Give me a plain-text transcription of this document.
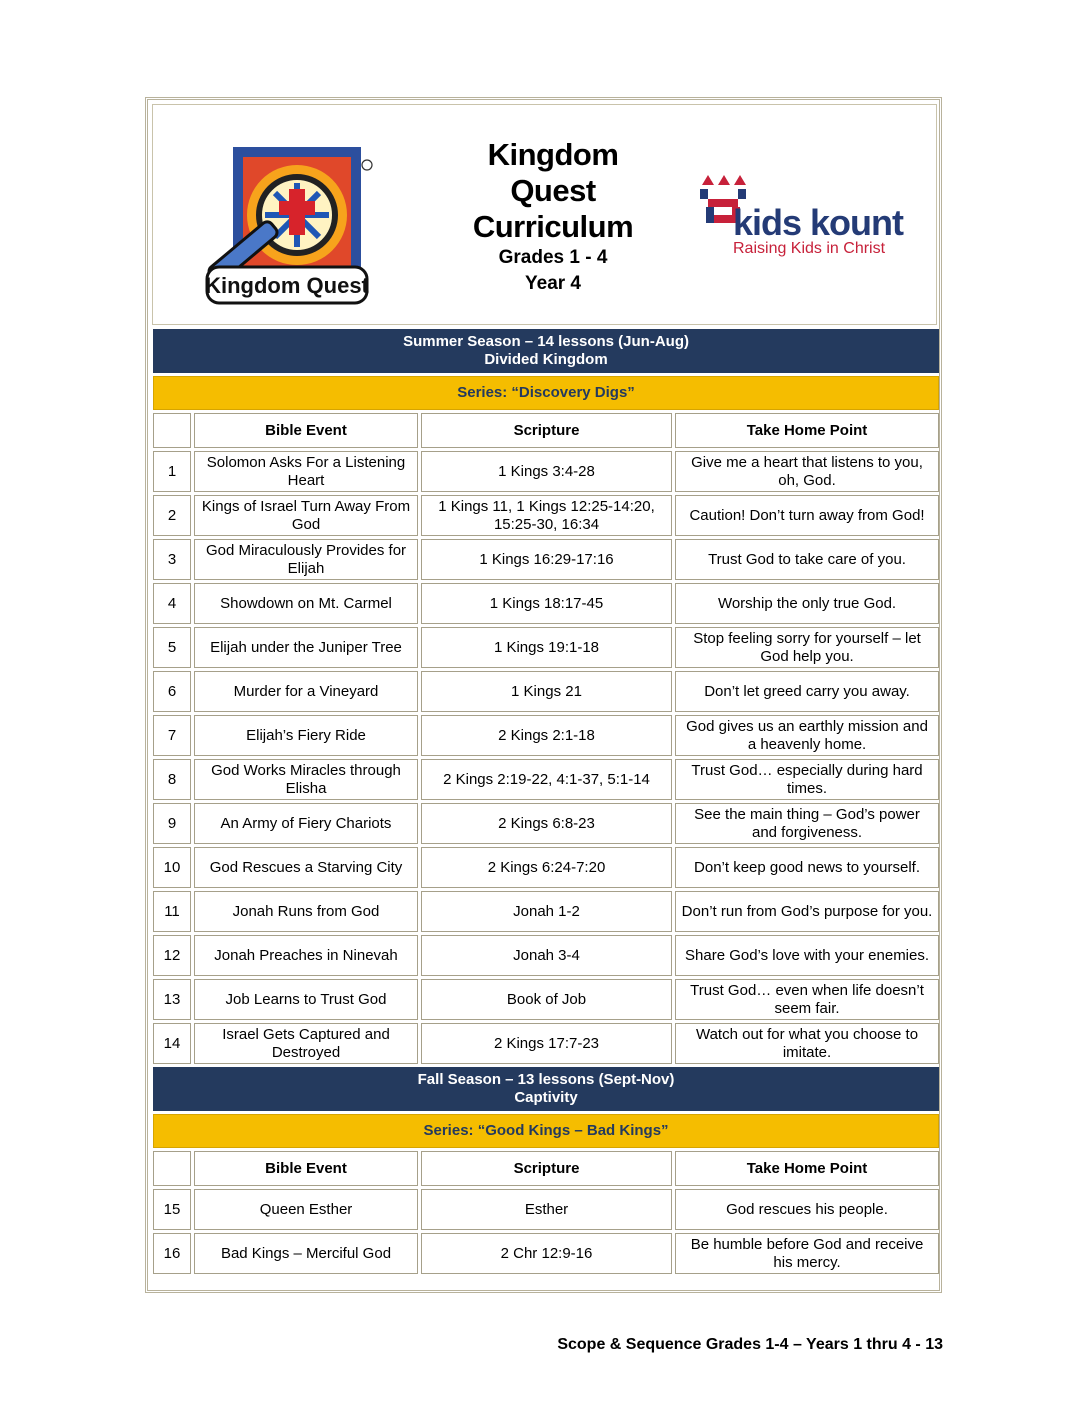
Kingdom Quest
Kingdom
Quest
Curriculum
Grades 1 - 4
Year 4
kids kount
Raising Kids in Christ
Summer Season – 14 lessons (Jun-Aug)
Divided Kingdom			

Series: “Discovery Digs”			
	Bible Event	Scripture	Take Home Point
1	Solomon Asks For a Listening Heart	1 Kings 3:4-28	Give me a heart that listens to you, oh, God.
2	Kings of Israel Turn Away From God	1 Kings 11, 1 Kings 12:25-14:20, 15:25-30, 16:34	Caution! Don’t turn away from God!
3	God Miraculously Provides for Elijah	1 Kings 16:29-17:16	Trust God to take care of you.
4	Showdown on Mt. Carmel	1 Kings 18:17-45	Worship the only true God.
5	Elijah under the Juniper Tree	1 Kings 19:1-18	Stop feeling sorry for yourself – let God help you.
6	Murder for a Vineyard	1 Kings 21	Don’t let greed carry you away.
7	Elijah’s Fiery Ride	2 Kings 2:1-18	God gives us an earthly mission and a heavenly home.
8	God Works Miracles through Elisha	2 Kings 2:19-22, 4:1-37, 5:1-14	Trust God… especially during hard times.
9	An Army of Fiery Chariots	2 Kings 6:8-23	See the main thing – God’s power and forgiveness.
10	God Rescues a Starving City	2 Kings 6:24-7:20	Don’t keep good news to yourself.
11	Jonah Runs from God	Jonah 1-2	Don’t run from God’s purpose for you.
12	Jonah Preaches in Ninevah	Jonah 3-4	Share God’s love with your enemies.
13	Job Learns to Trust God	Book of Job	Trust God… even when life doesn’t seem fair.
14	Israel Gets Captured and Destroyed	2 Kings 17:7-23	Watch out for what you choose to imitate.

Fall Season – 13 lessons (Sept-Nov)
Captivity			

Series: “Good Kings – Bad Kings”			
	Bible Event	Scripture	Take Home Point
15	Queen Esther	Esther	God rescues his people.
16	Bad Kings – Merciful God	2 Chr 12:9-16	Be humble before God and receive his mercy.
Scope & Sequence Grades 1-4 – Years 1 thru 4 - 13
